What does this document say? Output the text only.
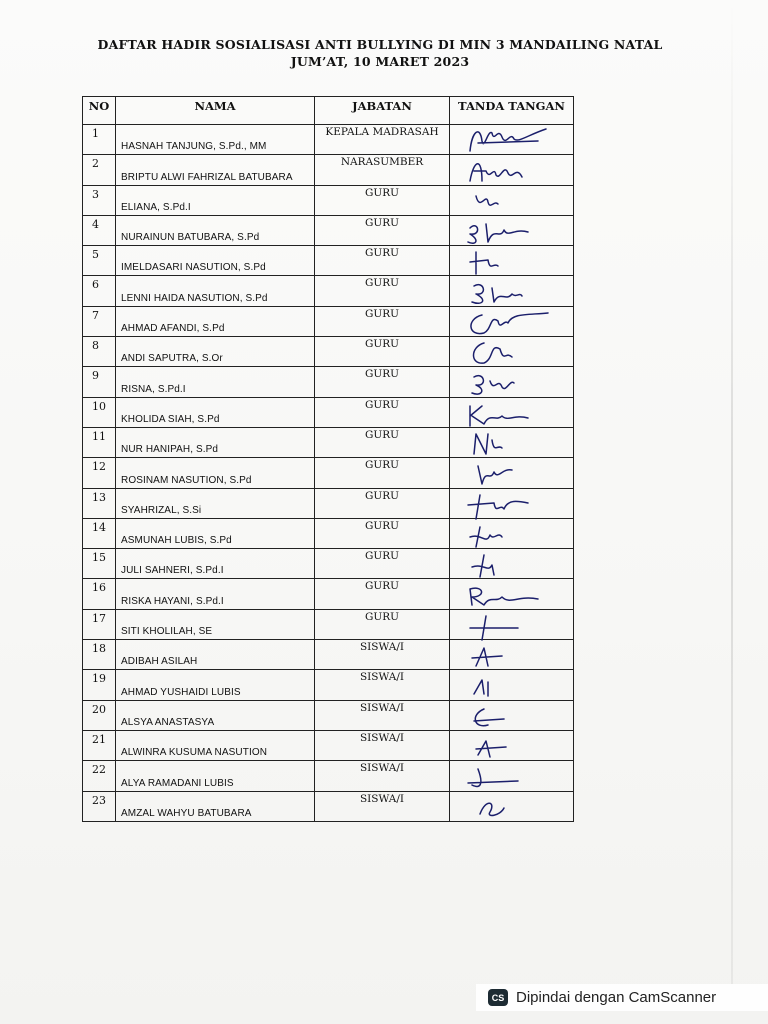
DAFTAR HADIR SOSIALISASI ANTI BULLYING DI MIN 3 MANDAILING NATAL
JUM’AT, 10 MARET 2023
NO	NAMA	JABATAN	TANDA TANGAN

1	HASNAH TANJUNG, S.Pd., MM	KEPALA MADRASAH

2	BRIPTU ALWI FAHRIZAL BATUBARA	NARASUMBER

3	ELIANA, S.Pd.I	GURU

4	NURAINUN BATUBARA, S.Pd	GURU

5	IMELDASARI NASUTION, S.Pd	GURU

6	LENNI HAIDA NASUTION, S.Pd	GURU

7	AHMAD AFANDI, S.Pd	GURU

8	ANDI SAPUTRA, S.Or	GURU

9	RISNA, S.Pd.I	GURU

10	KHOLIDA SIAH, S.Pd	GURU

11	NUR HANIPAH, S.Pd	GURU

12	ROSINAM NASUTION, S.Pd	GURU

13	SYAHRIZAL, S.Si	GURU

14	ASMUNAH LUBIS, S.Pd	GURU

15	JULI SAHNERI, S.Pd.I	GURU

16	RISKA HAYANI, S.Pd.I	GURU

17	SITI KHOLILAH, SE	GURU

18	ADIBAH ASILAH	SISWA/I

19	AHMAD YUSHAIDI LUBIS	SISWA/I

20	ALSYA ANASTASYA	SISWA/I

21	ALWINRA KUSUMA NASUTION	SISWA/I

22	ALYA RAMADANI LUBIS	SISWA/I

23	AMZAL WAHYU BATUBARA	SISWA/I

CS Dipindai dengan CamScanner
